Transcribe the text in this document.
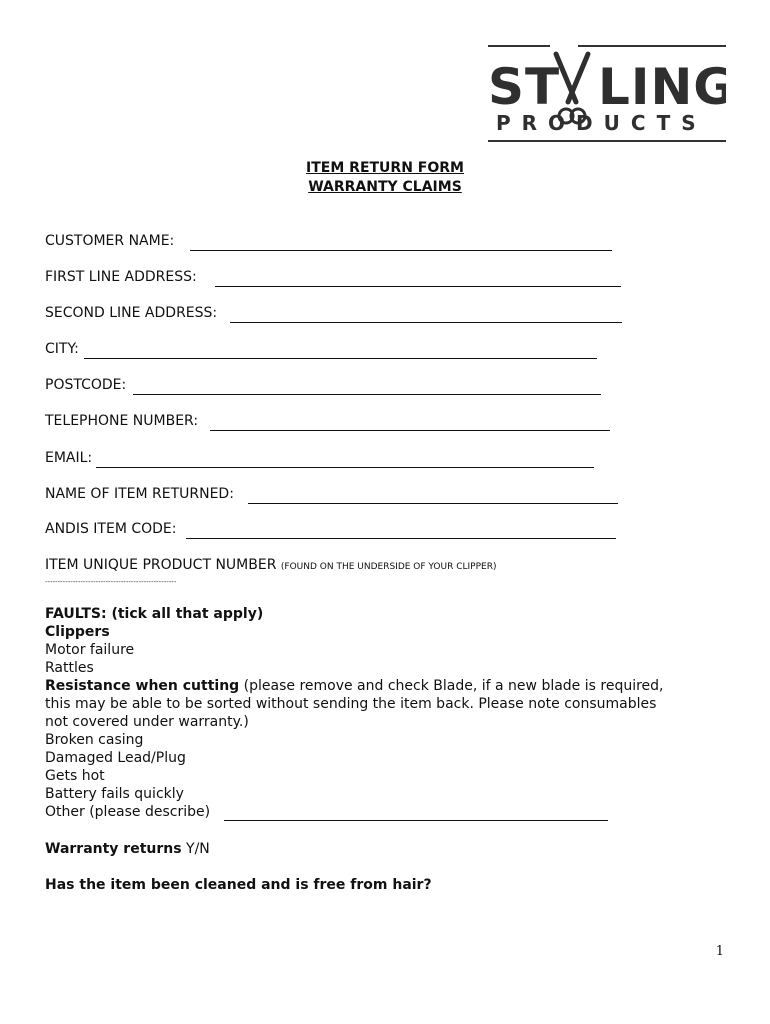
ST LING
PRODUCTS
ITEM RETURN FORM
WARRANTY CLAIMS
CUSTOMER NAME:
FIRST LINE ADDRESS:
SECOND LINE ADDRESS:
CITY:
POSTCODE:
TELEPHONE NUMBER:
EMAIL:
NAME OF ITEM RETURNED:
ANDIS ITEM CODE:
ITEM UNIQUE PRODUCT NUMBER (FOUND ON THE UNDERSIDE OF YOUR CLIPPER)
----------------------------------------------------
FAULTS: (tick all that apply)
Clippers
Motor failure
Rattles
Resistance when cutting (please remove and check Blade, if a new blade is required,
this may be able to be sorted without sending the item back. Please note consumables
not covered under warranty.)
Broken casing
Damaged Lead/Plug
Gets hot
Battery fails quickly
Other (please describe)
Warranty returns Y/N
Has the item been cleaned and is free from hair?
1
